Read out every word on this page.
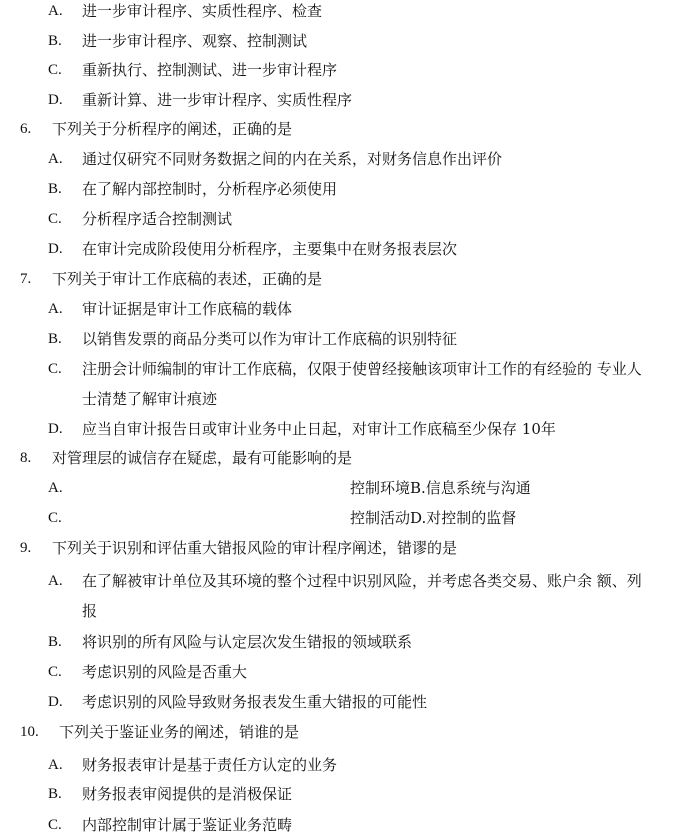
A. 进一步审计程序、实质性程序、检查
B. 进一步审计程序、观察、控制测试
C. 重新执行、控制测试、进一步审计程序
D. 重新计算、进一步审计程序、实质性程序
6. 下列关于分析程序的阐述，正确的是
A. 通过仅研究不同财务数据之间的内在关系，对财务信息作出评价
B. 在了解内部控制时，分析程序必须使用
C. 分析程序适合控制测试
D. 在审计完成阶段使用分析程序，主要集中在财务报表层次
7. 下列关于审计工作底稿的表述，正确的是
A. 审计证据是审计工作底稿的载体
B. 以销售发票的商品分类可以作为审计工作底稿的识别特征
C. 注册会计师编制的审计工作底稿，仅限于使曾经接触该项审计工作的有经验的 专业人
士清楚了解审计痕迹
D. 应当自审计报告日或审计业务中止日起，对审计工作底稿至少保存 10年
8. 对管理层的诚信存在疑虑，最有可能影响的是
A.	控制环境B.信息系统与沟通
C.	控制活动D.对控制的监督
9. 下列关于识别和评估重大错报风险的审计程序阐述，错谬的是
A. 在了解被审计单位及其环境的整个过程中识别风险，并考虑各类交易、账户余 额、列
报
B. 将识别的所有风险与认定层次发生错报的领域联系
C. 考虑识别的风险是否重大
D. 考虑识别的风险导致财务报表发生重大错报的可能性
10. 下列关于鉴证业务的阐述，销谁的是
A. 财务报表审计是基于责任方认定的业务
B. 财务报表审阅提供的是消极保证
C. 内部控制审计属于鉴证业务范畴
